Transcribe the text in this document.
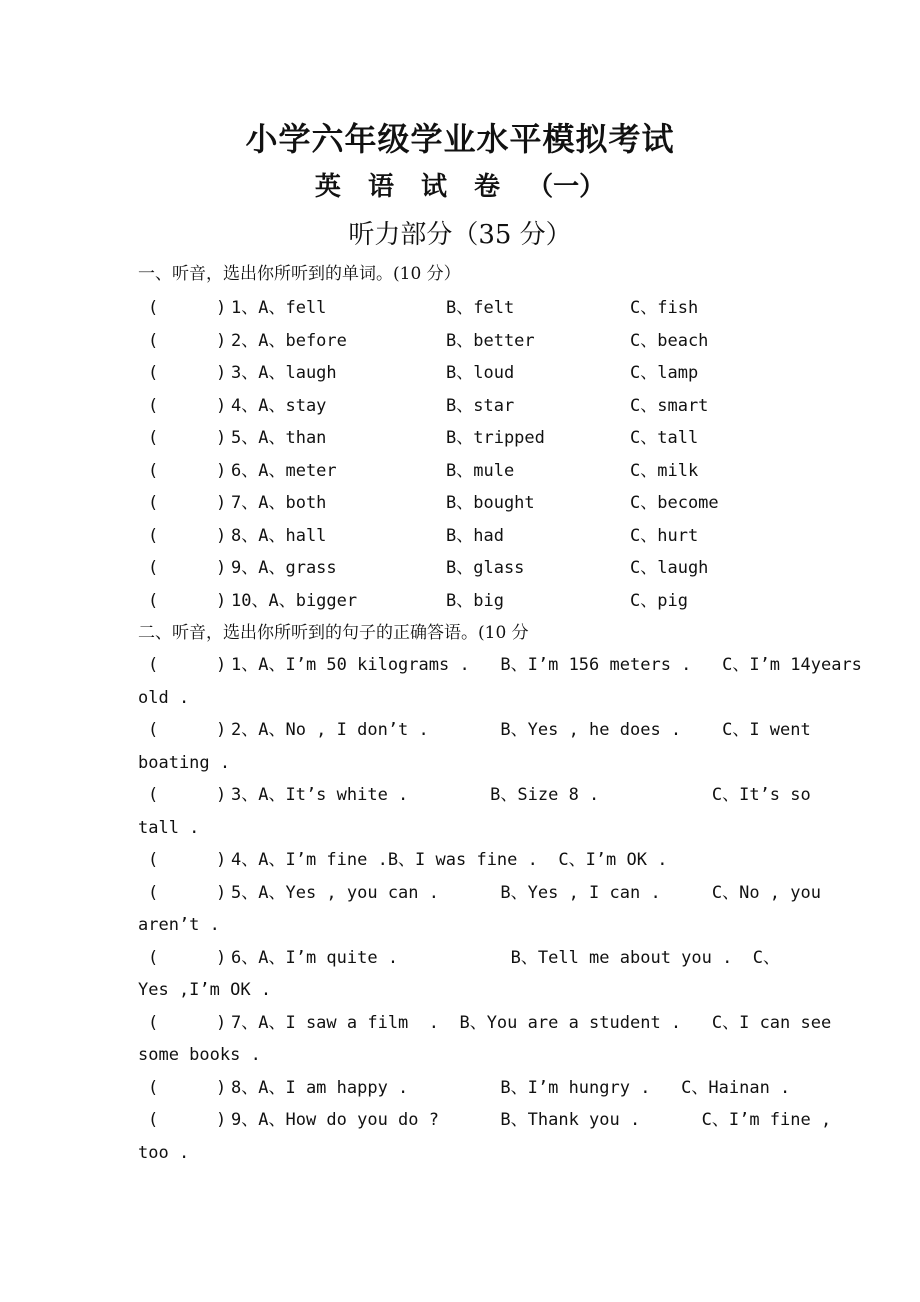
小学六年级学业水平模拟考试
英 语 试 卷 （一）
听力部分（35 分）
一、听音，选出你所听到的单词。(10 分）
(	) 1、A、fell	B、felt	C、fish
(	) 2、A、before	B、better	C、beach
(	) 3、A、laugh	B、loud	C、lamp
(	) 4、A、stay	B、star	C、smart
(	) 5、A、than	B、tripped	C、tall
(	) 6、A、meter	B、mule	C、milk
(	) 7、A、both	B、bought	C、become
(	) 8、A、hall	B、had	C、hurt
(	) 9、A、grass	B、glass	C、laugh
(	) 10、A、bigger	B、big	C、pig
二、听音，选出你所听到的句子的正确答语。(10 分
(	) 1、A、I’m 50 kilograms .   B、I’m 156 meters .   C、I’m 14years
old .
(	) 2、A、No , I don’t .       B、Yes , he does .    C、I went
boating .
(	) 3、A、It’s white .        B、Size 8 .           C、It’s so
tall .
(	) 4、A、I’m fine .B、I was fine .  C、I’m OK .
(	) 5、A、Yes , you can .      B、Yes , I can .     C、No , you
aren’t .
(	) 6、A、I’m quite .           B、Tell me about you .  C、
Yes ,I’m OK .
(	) 7、A、I saw a film  .  B、You are a student .   C、I can see
some books .
(	) 8、A、I am happy .         B、I’m hungry .   C、Hainan .
(	) 9、A、How do you do ?      B、Thank you .      C、I’m fine ,
too .
